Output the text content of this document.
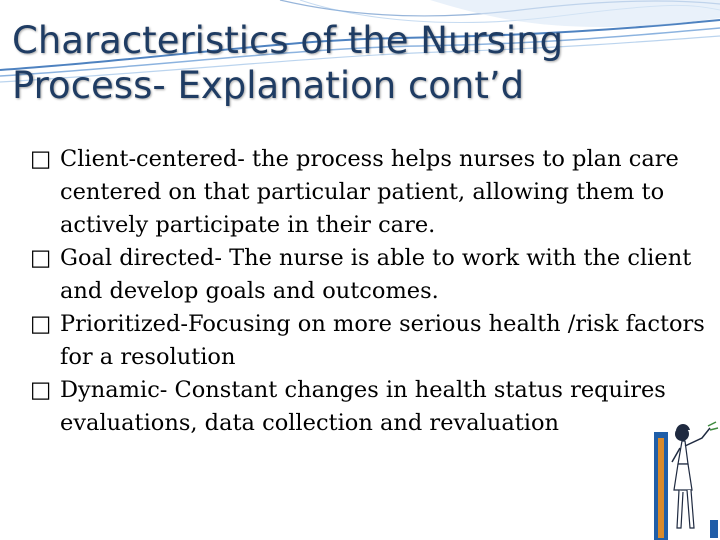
Characteristics of the Nursing
Process- Explanation cont’d
□ Client-centered- the process helps nurses to plan care centered on that particular patient, allowing them to actively participate in their care.
□ Goal directed- The nurse is able to work with the client and develop goals and outcomes.
□ Prioritized-Focusing on more serious health /risk factors for a resolution
□ Dynamic- Constant changes in health status requires evaluations, data collection and revaluation
